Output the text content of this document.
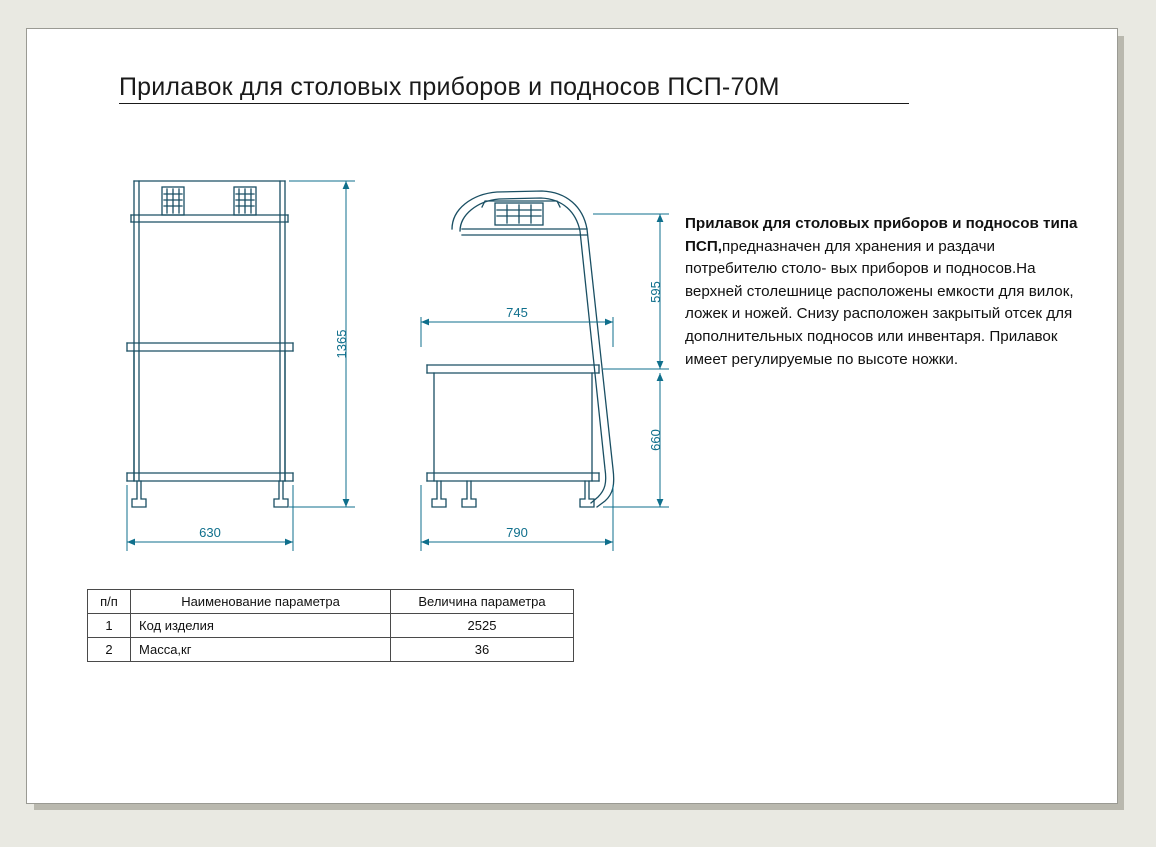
Прилавок для столовых приборов и подносов ПСП-70М
1365
630
595
660
745
790
Прилавок для столовых приборов и подносов типа ПСП,предназначен для хранения и раздачи потребителю столо- вых приборов и подносов.На верхней столешнице расположены емкости для вилок, ложек и ножей. Снизу расположен закрытый отсек для дополнительных подносов или инвентаря. Прилавок имеет регулируемые по высоте ножки.
п/п	Наименование параметра	Величина параметра
1	Код изделия	2525
2	Масса,кг	36
